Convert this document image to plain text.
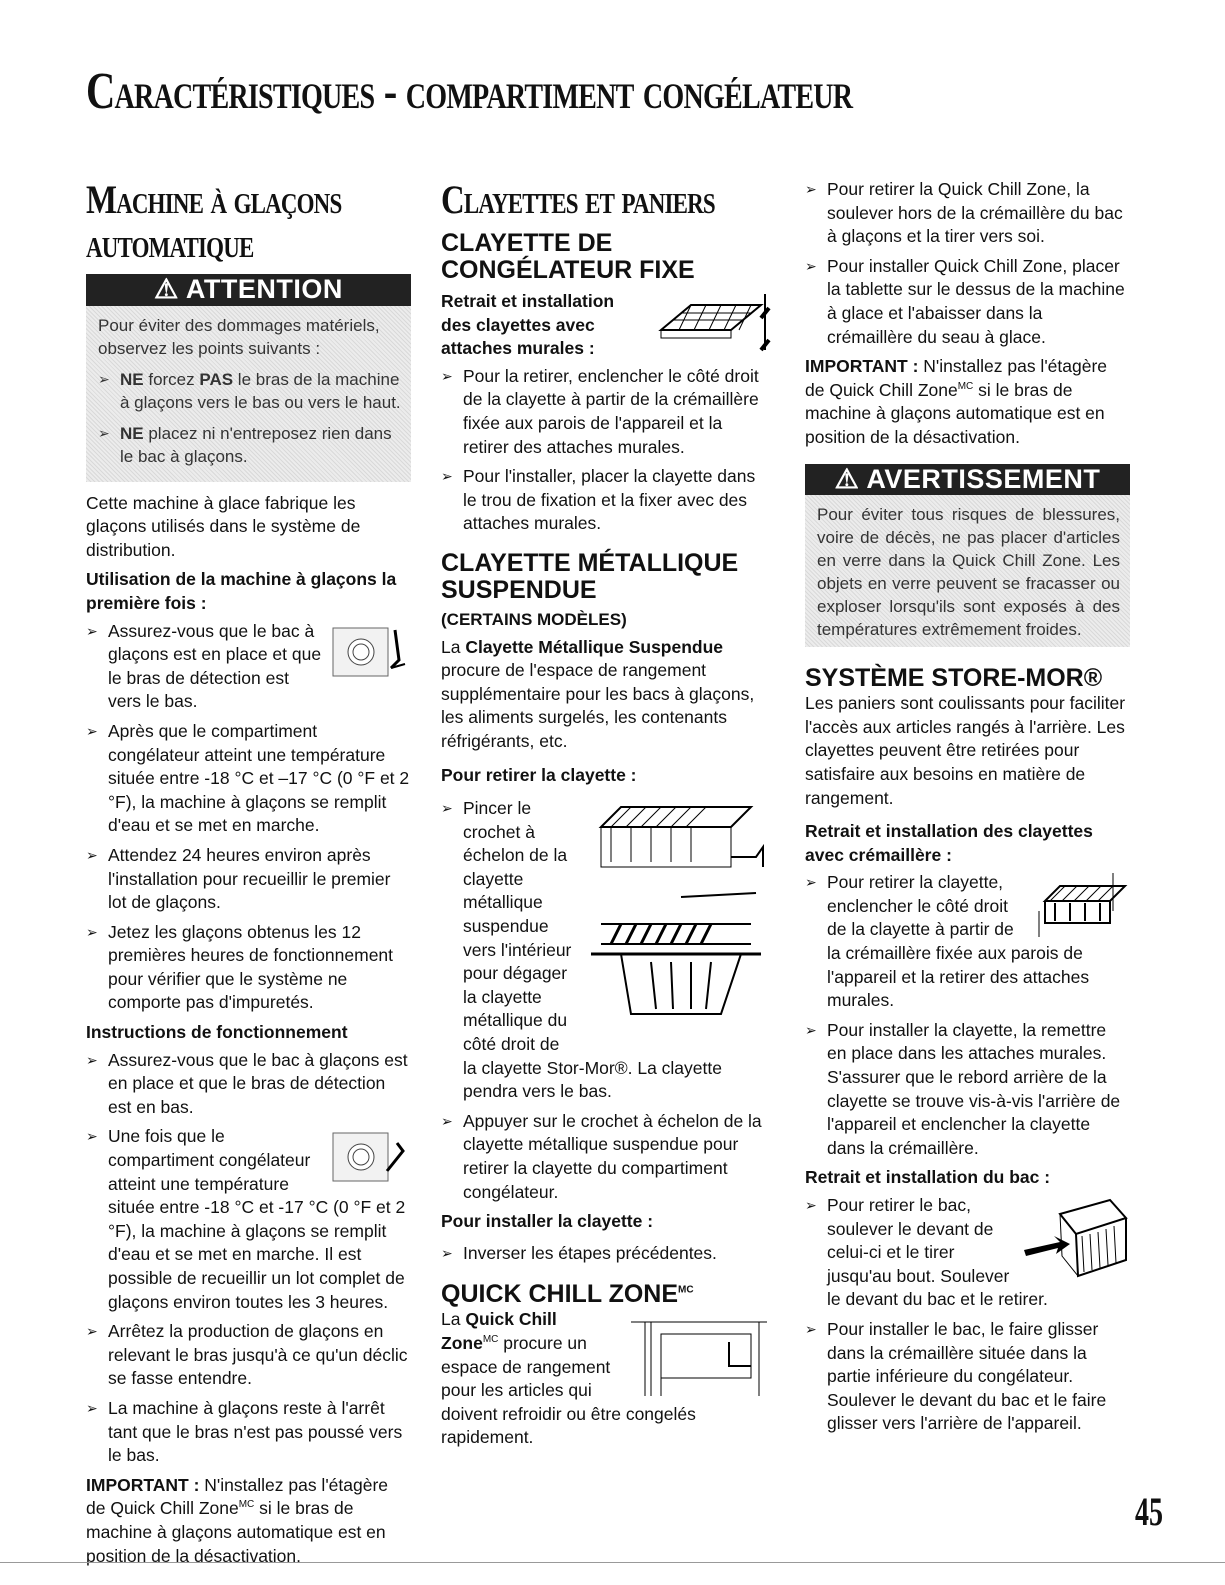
Caractéristiques - compartiment congélateur
Machine à glaçons
automatique
⚠ ATTENTION

Pour éviter des dommages matériels, observez les points suivants :

➢ NE forcez PAS le bras de la machine à glaçons vers le bas ou vers le haut.
➢ NE placez ni n'entreposez rien dans le bac à glaçons.

Cette machine à glace fabrique les glaçons utilisés dans le système de distribution.

Utilisation de la machine à glaçons la première fois :
➢ Assurez-vous que le bac à glaçons est en place et que le bras de détection est vers le bas.
➢ Après que le compartiment congélateur atteint une température située entre -18 °C et –17 °C (0 °F et 2 °F), la machine à glaçons se remplit d'eau et se met en marche.
➢ Attendez 24 heures environ après l'installation pour recueillir le premier lot de glaçons.
➢ Jetez les glaçons obtenus les 12 premières heures de fonctionnement pour vérifier que le système ne comporte pas d'impuretés.
Instructions de fonctionnement
➢ Assurez-vous que le bac à glaçons est en place et que le bras de détection est en bas.
➢ Une fois que le compartiment congélateur atteint une température située entre -18 °C et -17 °C (0 °F et 2 °F), la machine à glaçons se remplit d'eau et se met en marche. Il est possible de recueillir un lot complet de glaçons environ toutes les 3 heures.
➢ Arrêtez la production de glaçons en relevant le bras jusqu'à ce qu'un déclic se fasse entendre.
➢ La machine à glaçons reste à l'arrêt tant que le bras n'est pas poussé vers le bas.

IMPORTANT : N'installez pas l'étagère de Quick Chill Zone$^{MC}$ si le bras de machine à glaçons automatique est en position de la désactivation.

Clayettes et paniers
CLAYETTE DE CONGÉLATEUR FIXE
Retrait et installation des clayettes avec attaches murales :
➢ Pour la retirer, enclencher le côté droit de la clayette à partir de la crémaillère fixée aux parois de l'appareil et la retirer des attaches murales.
➢ Pour l'installer, placer la clayette dans le trou de fixation et la fixer avec des attaches murales.
CLAYETTE MÉTALLIQUE SUSPENDUE
(CERTAINS MODÈLES)

La Clayette Métallique Suspendue procure de l'espace de rangement supplémentaire pour les bacs à glaçons, les aliments surgelés, les contenants réfrigérants, etc.

Pour retirer la clayette :

➢ Pincer le crochet à échelon de la clayette métallique suspendue vers l'intérieur pour dégager la clayette métallique du côté droit de la clayette Stor-Mor®. La clayette pendra vers le bas.
➢ Appuyer sur le crochet à échelon de la clayette métallique suspendue pour retirer la clayette du compartiment congélateur.
Pour installer la clayette :
➢ Inverser les étapes précédentes.
QUICK CHILL $ZONE^{MC}$

La Quick Chill Zone$^{MC}$ procure un espace de rangement pour les articles qui doivent refroidir ou être congelés rapidement.

➢ Pour retirer la Quick Chill Zone, la soulever hors de la crémaillère du bac à glaçons et la tirer vers soi.
➢ Pour installer Quick Chill Zone, placer la tablette sur le dessus de la machine à glace et l'abaisser dans la crémaillère du seau à glace.

IMPORTANT : N'installez pas l'étagère de Quick Chill Zone$^{MC}$ si le bras de machine à glaçons automatique est en position de la désactivation.

⚠ AVERTISSEMENT
Pour éviter tous risques de blessures, voire de décès, ne pas placer d'articles en verre dans la Quick Chill Zone. Les objets en verre peuvent se fracasser ou exploser lorsqu'ils sont exposés à des températures extrêmement froides.
SYSTÈME STORE-MOR®

Les paniers sont coulissants pour faciliter l'accès aux articles rangés à l'arrière. Les clayettes peuvent être retirées pour satisfaire aux besoins en matière de rangement.

Retrait et installation des clayettes avec crémaillère :
➢ Pour retirer la clayette, enclencher le côté droit de la clayette à partir de la crémaillère fixée aux parois de l'appareil et la retirer des attaches murales.
➢ Pour installer la clayette, la remettre en place dans les attaches murales. S'assurer que le rebord arrière de la clayette se trouve vis-à-vis l'arrière de l'appareil et enclencher la clayette dans la crémaillère.
Retrait et installation du bac :
➢ Pour retirer le bac, soulever le devant de celui-ci et le tirer jusqu'au bout. Soulever le devant du bac et le retirer.
➢ Pour installer le bac, le faire glisser dans la crémaillère située dans la partie inférieure du congélateur. Soulever le devant du bac et le faire glisser vers l'arrière de l'appareil.
45
